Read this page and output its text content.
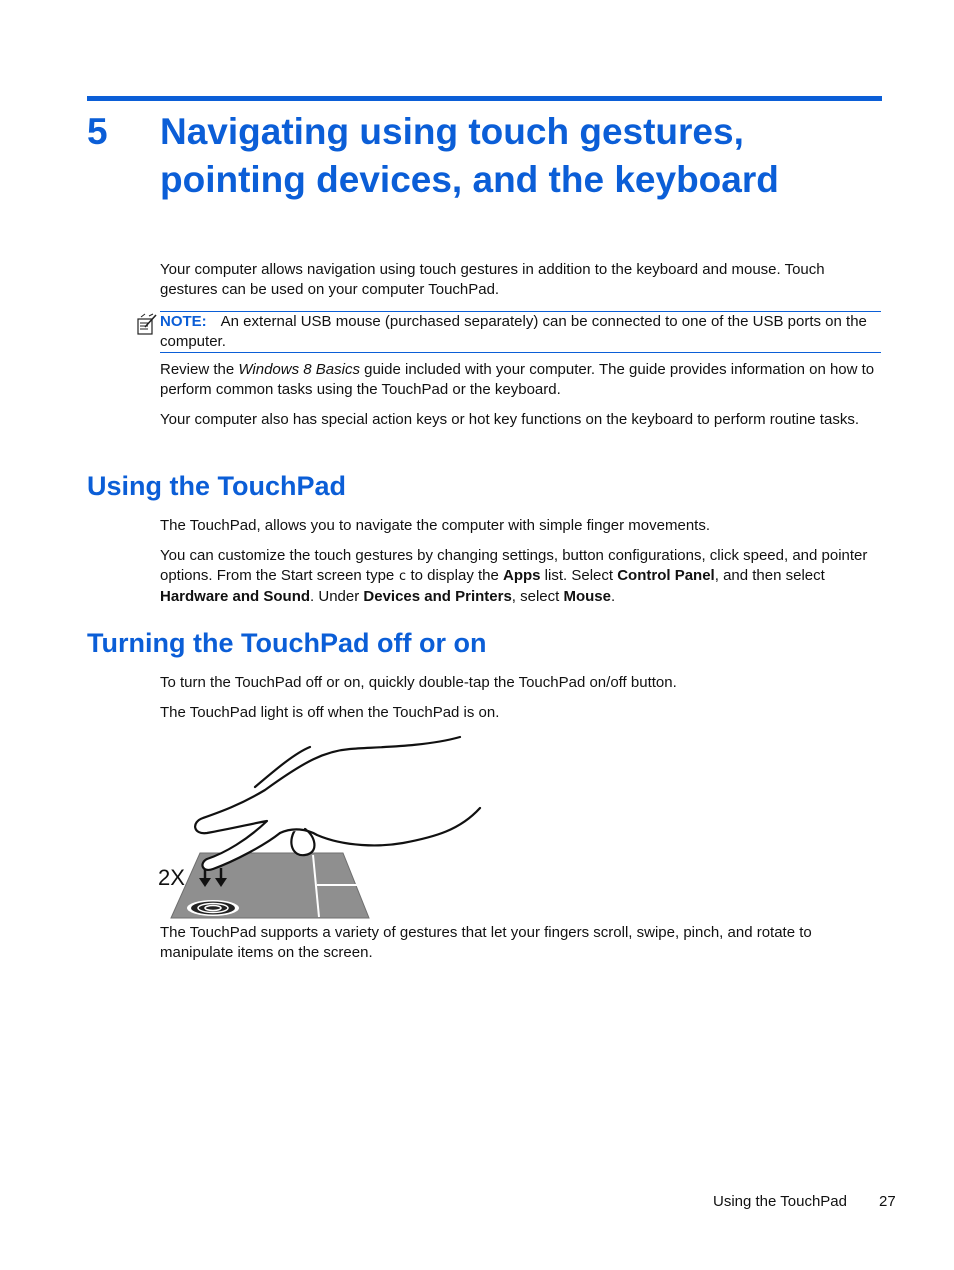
5 Navigating using touch gestures,
pointing devices, and the keyboard

Your computer allows navigation using touch gestures in addition to the keyboard and mouse. Touch gestures can be used on your computer TouchPad.

NOTE: An external USB mouse (purchased separately) can be connected to one of the USB ports on the computer.

Review the Windows 8 Basics guide included with your computer. The guide provides information on how to perform common tasks using the TouchPad or the keyboard.

Your computer also has special action keys or hot key functions on the keyboard to perform routine tasks.

Using the TouchPad

The TouchPad, allows you to navigate the computer with simple finger movements.

You can customize the touch gestures by changing settings, button configurations, click speed, and pointer options. From the Start screen type c to display the Apps list. Select Control Panel, and then select Hardware and Sound. Under Devices and Printers, select Mouse.

Turning the TouchPad off or on

To turn the TouchPad off or on, quickly double-tap the TouchPad on/off button.

The TouchPad light is off when the TouchPad is on.

2X

The TouchPad supports a variety of gestures that let your fingers scroll, swipe, pinch, and rotate to manipulate items on the screen.

Using the TouchPad 27
